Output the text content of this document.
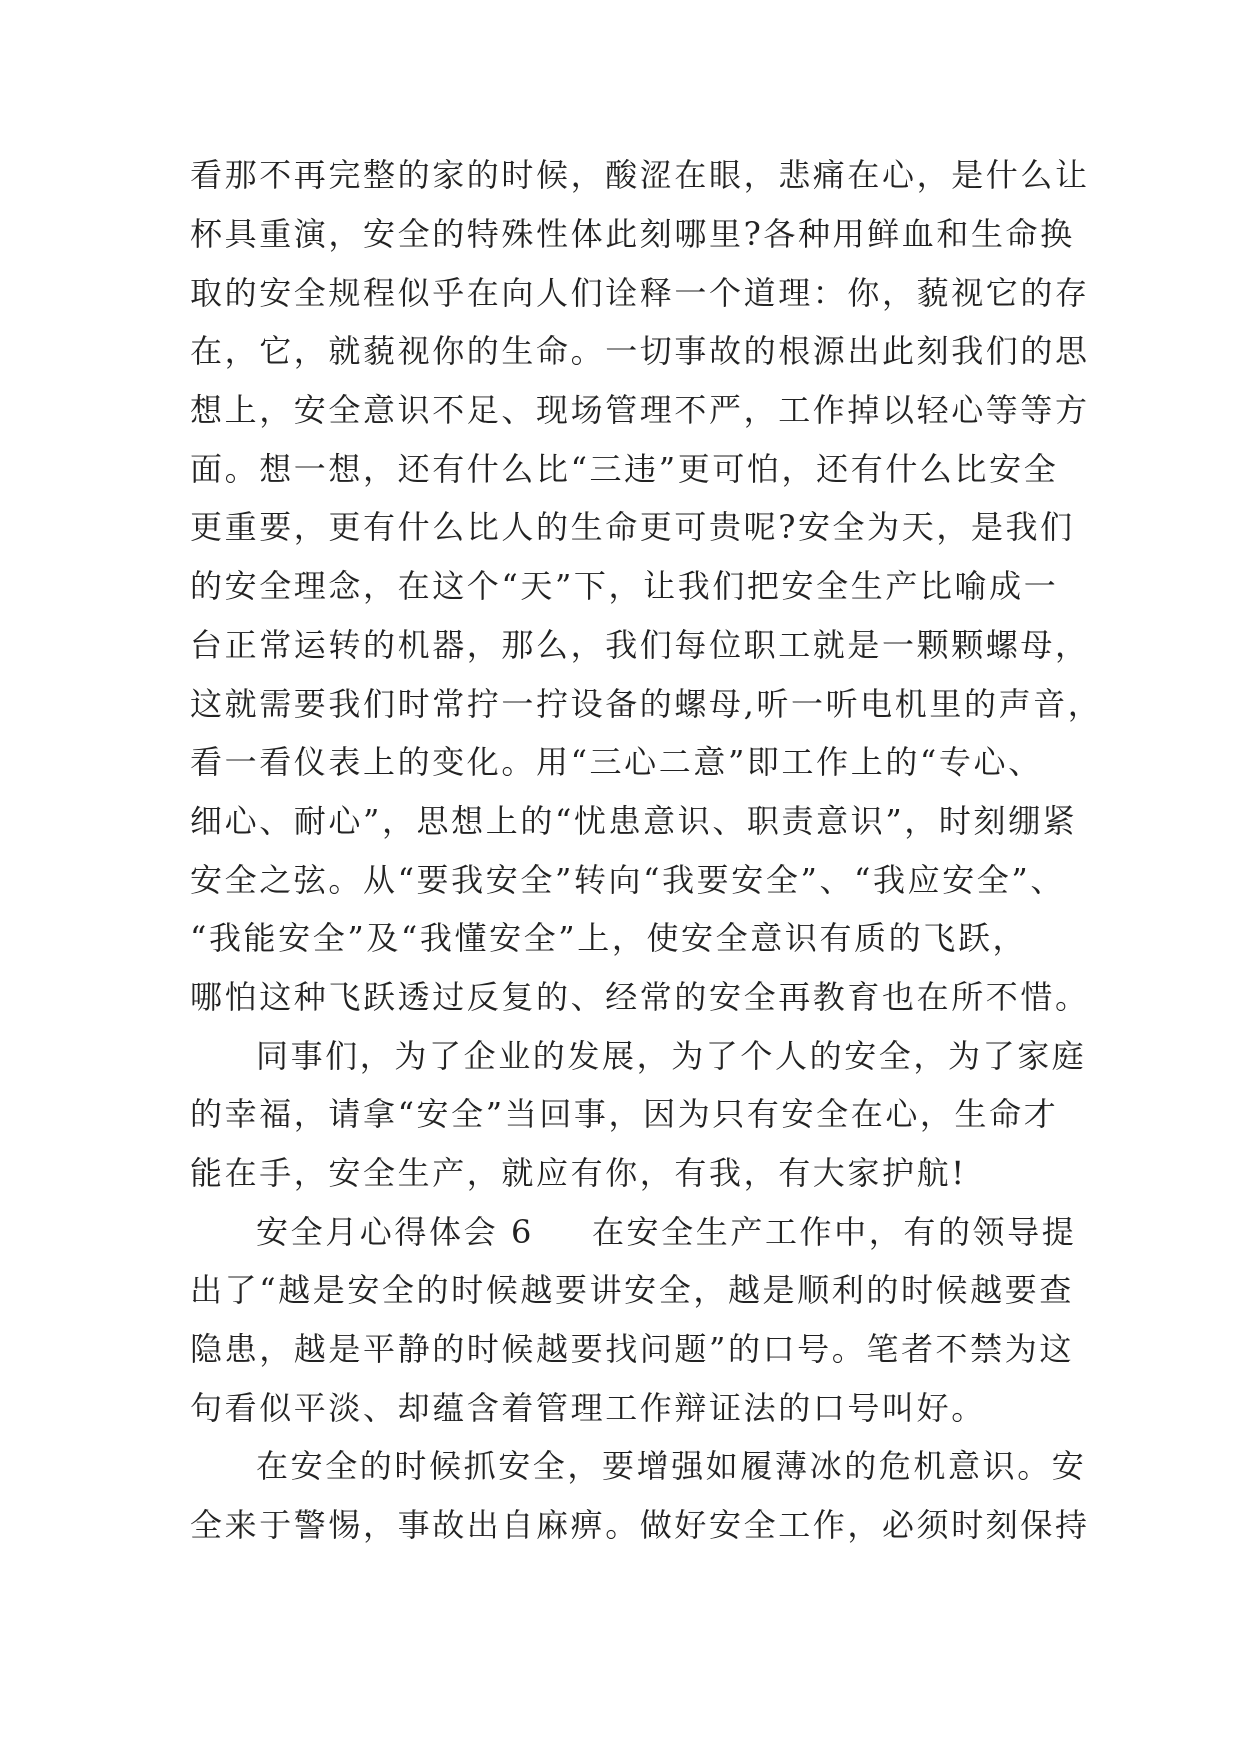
看那不再完整的家的时候，酸涩在眼，悲痛在心，是什么让
杯具重演，安全的特殊性体此刻哪里?各种用鲜血和生命换
取的安全规程似乎在向人们诠释一个道理：你，藐视它的存
在，它，就藐视你的生命。一切事故的根源出此刻我们的思
想上，安全意识不足、现场管理不严，工作掉以轻心等等方
面。想一想，还有什么比“三违”更可怕，还有什么比安全
更重要，更有什么比人的生命更可贵呢?安全为天，是我们
的安全理念，在这个“天”下，让我们把安全生产比喻成一
台正常运转的机器，那么，我们每位职工就是一颗颗螺母，
这就需要我们时常拧一拧设备的螺母,听一听电机里的声音，
看一看仪表上的变化。用“三心二意”即工作上的“专心、
细心、耐心”，思想上的“忧患意识、职责意识”，时刻绷紧
安全之弦。从“要我安全”转向“我要安全”、“我应安全”、
“我能安全”及“我懂安全”上，使安全意识有质的飞跃，
哪怕这种飞跃透过反复的、经常的安全再教育也在所不惜。
同事们，为了企业的发展，为了个人的安全，为了家庭
的幸福，请拿“安全”当回事，因为只有安全在心，生命才
能在手，安全生产，就应有你，有我，有大家护航!
安全月心得体会 6 在安全生产工作中，有的领导提
出了“越是安全的时候越要讲安全，越是顺利的时候越要查
隐患，越是平静的时候越要找问题”的口号。笔者不禁为这
句看似平淡、却蕴含着管理工作辩证法的口号叫好。
在安全的时候抓安全，要增强如履薄冰的危机意识。安
全来于警惕，事故出自麻痹。做好安全工作，必须时刻保持
